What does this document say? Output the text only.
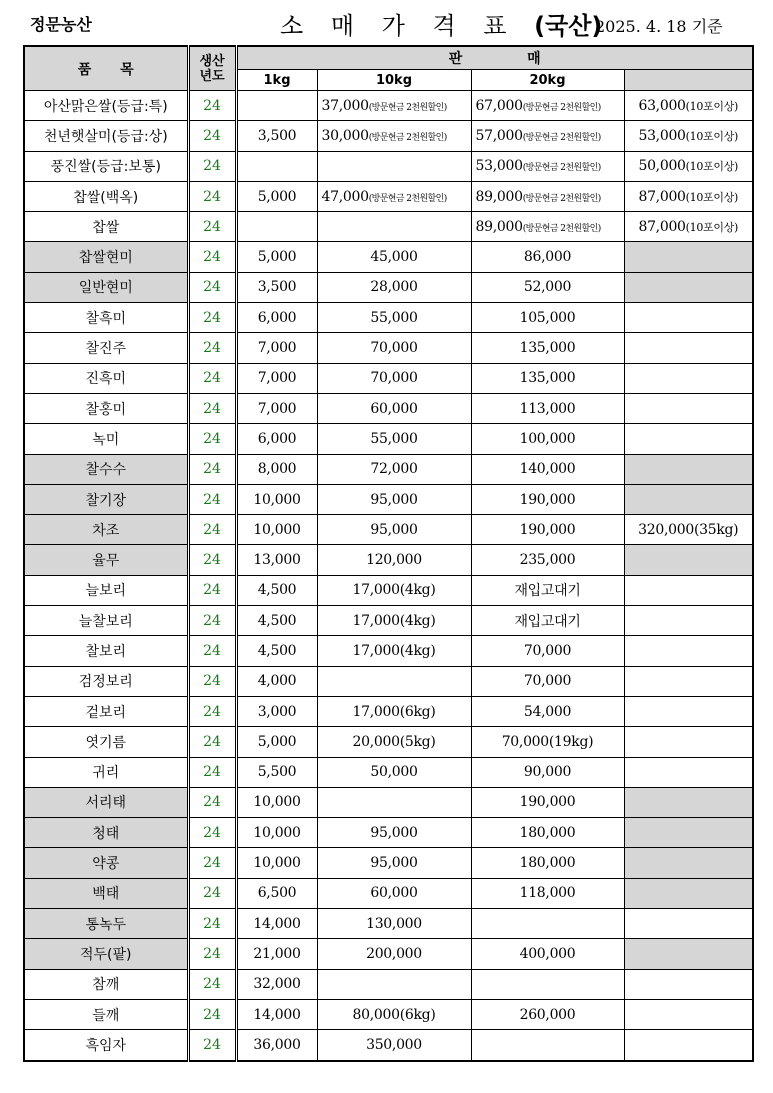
정문농산	소 매 가 격 표 (국산)
2025. 4. 18 기준
품 목	생산년도	판 매			
		1kg	10kg	20kg	
아산맑은쌀(등급:특)	24		37,000(방문현금 2천원할인)	67,000(방문현금 2천원할인)	63,000(10포이상)
천년햇살미(등급:상)	24	3,500	30,000(방문현금 2천원할인)	57,000(방문현금 2천원할인)	53,000(10포이상)
풍진쌀(등급:보통)	24			53,000(방문현금 2천원할인)	50,000(10포이상)
찹쌀(백옥)	24	5,000	47,000(방문현금 2천원할인)	89,000(방문현금 2천원할인)	87,000(10포이상)
찹쌀	24			89,000(방문현금 2천원할인)	87,000(10포이상)
찹쌀현미	24	5,000	45,000	86,000	
일반현미	24	3,500	28,000	52,000	
찰흑미	24	6,000	55,000	105,000	
찰진주	24	7,000	70,000	135,000	
진흑미	24	7,000	70,000	135,000	
찰홍미	24	7,000	60,000	113,000	
녹미	24	6,000	55,000	100,000	
찰수수	24	8,000	72,000	140,000	
찰기장	24	10,000	95,000	190,000	
차조	24	10,000	95,000	190,000	320,000(35kg)
율무	24	13,000	120,000	235,000	
늘보리	24	4,500	17,000(4kg)	재입고대기	
늘찰보리	24	4,500	17,000(4kg)	재입고대기	
찰보리	24	4,500	17,000(4kg)	70,000	
검정보리	24	4,000		70,000	
겉보리	24	3,000	17,000(6kg)	54,000	
엿기름	24	5,000	20,000(5kg)	70,000(19kg)	
귀리	24	5,500	50,000	90,000	
서리태	24	10,000		190,000	
청태	24	10,000	95,000	180,000	
약콩	24	10,000	95,000	180,000	
백태	24	6,500	60,000	118,000	
통녹두	24	14,000	130,000		
적두(팥)	24	21,000	200,000	400,000	
참깨	24	32,000			
들깨	24	14,000	80,000(6kg)	260,000	
흑임자	24	36,000	350,000		
